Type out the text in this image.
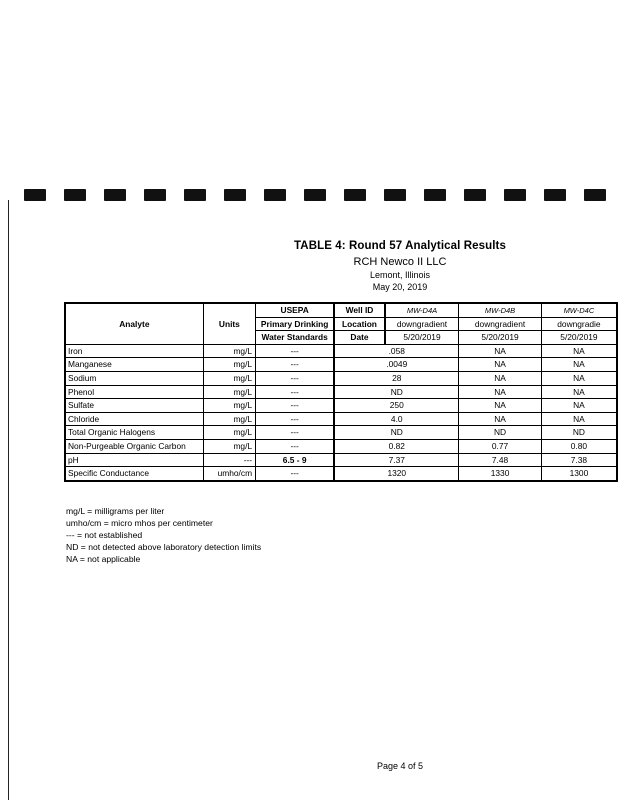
TABLE 4: Round 57 Analytical Results
RCH Newco II LLC
Lemont, Illinois
May 20, 2019
Analyte	Units	USEPA	Well ID	MW-D4A	MW-D4B	MW-D4C
		Primary Drinking	Location	downgradient	downgradient	downgradie
		Water Standards	Date	5/20/2019	5/20/2019	5/20/2019
Iron	mg/L	---	.058		NA	NA
Manganese	mg/L	---	.0049		NA	NA
Sodium	mg/L	---	28		NA	NA
Phenol	mg/L	---	ND		NA	NA
Sulfate	mg/L	---	250		NA	NA
Chloride	mg/L	---	4.0		NA	NA
Total Organic Halogens	mg/L	---	ND		ND	ND
Non-Purgeable Organic Carbon	mg/L	---	0.82		0.77	0.80
pH	---	6.5 - 9	7.37		7.48	7.38
Specific Conductance	umho/cm	---	1320		1330	1300
mg/L = milligrams per liter
umho/cm = micro mhos per centimeter
--- = not established
ND = not detected above laboratory detection limits
NA = not applicable
Page 4 of 5
